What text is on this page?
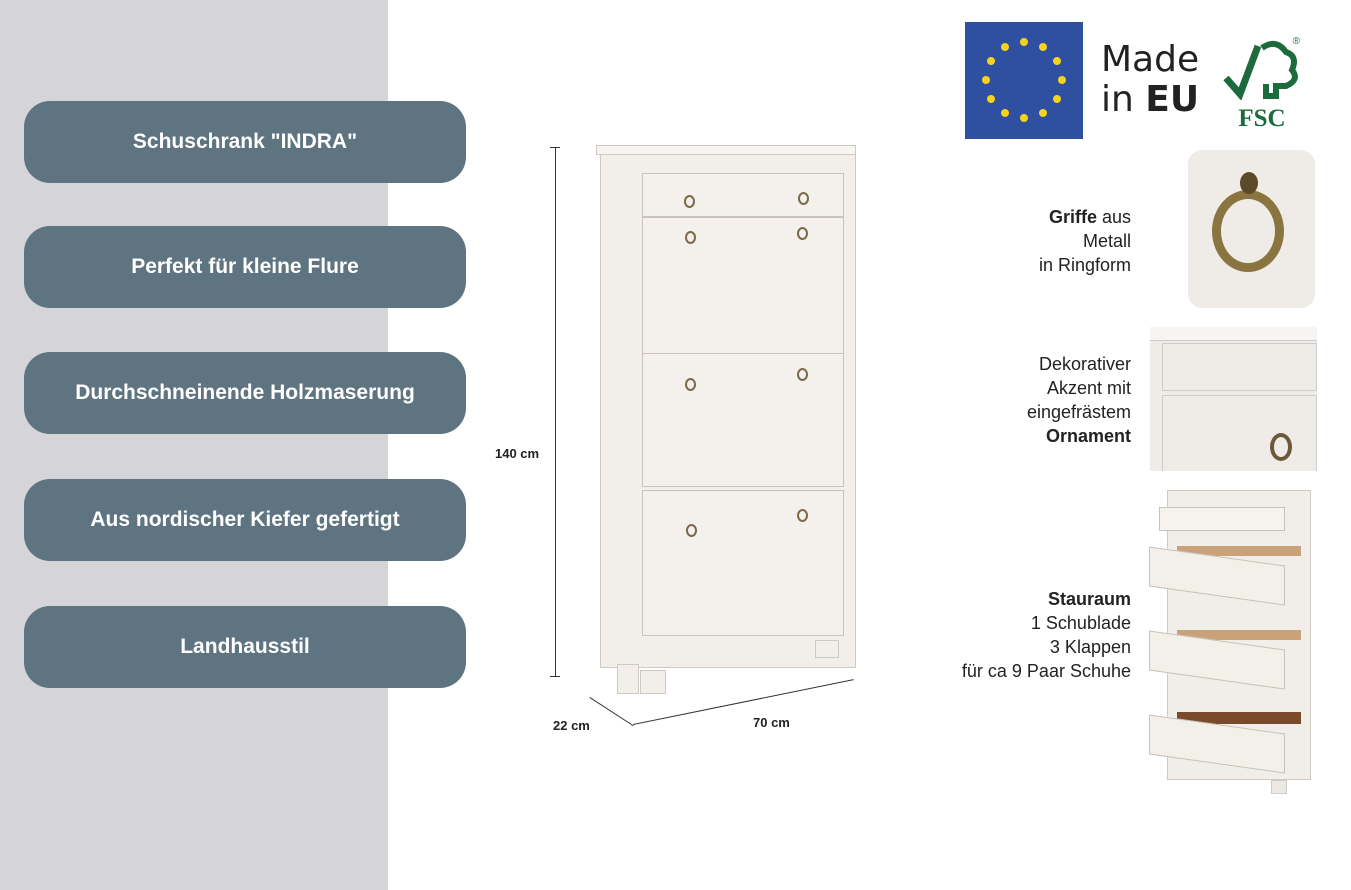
Schuschrank "INDRA"
Perfekt für kleine Flure
Durchschneinende Holzmaserung
Aus nordischer Kiefer gefertigt
Landhausstil
140 cm
22 cm	70 cm
Made
in EU
®
FSC
Griffe aus
Metall
in Ringform
Dekorativer
Akzent mit
eingefrästem
Ornament
Stauraum
1 Schublade
3 Klappen
für ca 9 Paar Schuhe
